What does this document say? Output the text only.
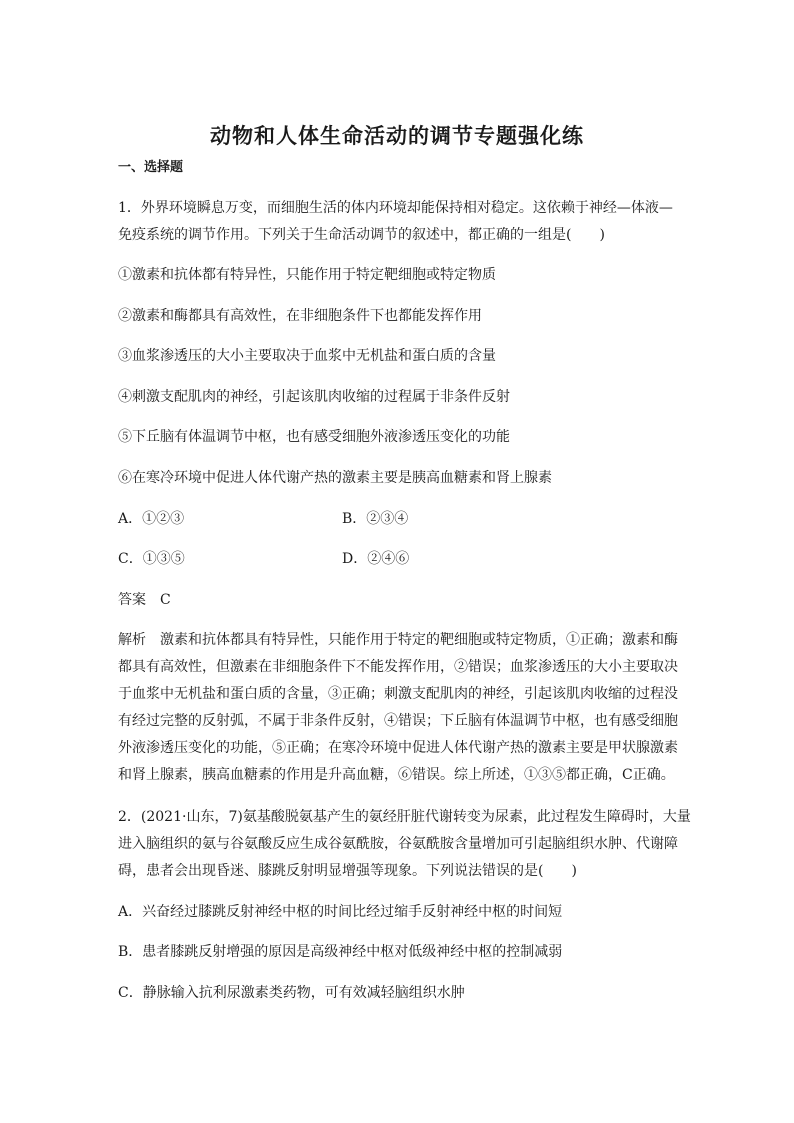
动物和人体生命活动的调节专题强化练
一、选择题
1．外界环境瞬息万变，而细胞生活的体内环境却能保持相对稳定。这依赖于神经—体液—
免疫系统的调节作用。下列关于生命活动调节的叙述中，都正确的一组是(　　)
①激素和抗体都有特异性，只能作用于特定靶细胞或特定物质
②激素和酶都具有高效性，在非细胞条件下也都能发挥作用
③血浆渗透压的大小主要取决于血浆中无机盐和蛋白质的含量
④刺激支配肌肉的神经，引起该肌肉收缩的过程属于非条件反射
⑤下丘脑有体温调节中枢，也有感受细胞外液渗透压变化的功能
⑥在寒冷环境中促进人体代谢产热的激素主要是胰高血糖素和肾上腺素
A．①②③	B．②③④
C．①③⑤	D．②④⑥
答案　C
解析　激素和抗体都具有特异性，只能作用于特定的靶细胞或特定物质，①正确；激素和酶
都具有高效性，但激素在非细胞条件下不能发挥作用，②错误；血浆渗透压的大小主要取决
于血浆中无机盐和蛋白质的含量，③正确；刺激支配肌肉的神经，引起该肌肉收缩的过程没
有经过完整的反射弧，不属于非条件反射，④错误；下丘脑有体温调节中枢，也有感受细胞
外液渗透压变化的功能，⑤正确；在寒冷环境中促进人体代谢产热的激素主要是甲状腺激素
和肾上腺素，胰高血糖素的作用是升高血糖，⑥错误。综上所述，①③⑤都正确，C正确。
2．(2021·山东，7)氨基酸脱氨基产生的氨经肝脏代谢转变为尿素，此过程发生障碍时，大量
进入脑组织的氨与谷氨酸反应生成谷氨酰胺，谷氨酰胺含量增加可引起脑组织水肿、代谢障
碍，患者会出现昏迷、膝跳反射明显增强等现象。下列说法错误的是(　　)
A．兴奋经过膝跳反射神经中枢的时间比经过缩手反射神经中枢的时间短
B．患者膝跳反射增强的原因是高级神经中枢对低级神经中枢的控制减弱
C．静脉输入抗利尿激素类药物，可有效减轻脑组织水肿
